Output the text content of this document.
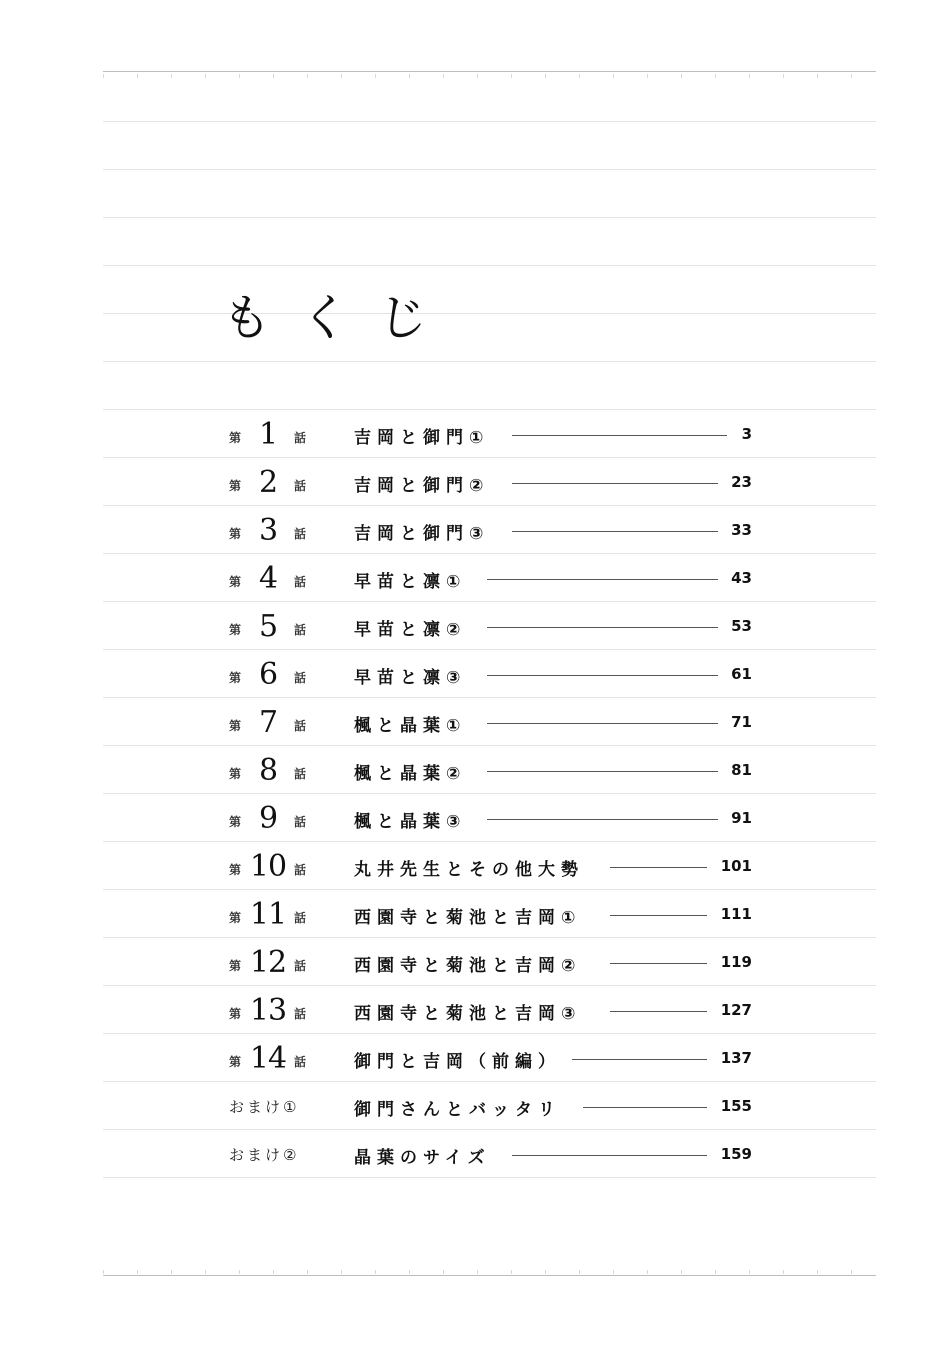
もくじ
第 1	話	吉岡と御門①	3
第 2	話	吉岡と御門②	23
第 3	話	吉岡と御門③	33
第 4	話	早苗と凛①	43
第 5	話	早苗と凛②	53
第 6	話	早苗と凛③	61
第 7	話	楓と晶葉①	71
第 8	話	楓と晶葉②	81
第 9	話	楓と晶葉③	91
第 10 話	丸井先生とその他大勢	101
第 11 話	西園寺と菊池と吉岡①	111
第 12 話	西園寺と菊池と吉岡②	119
第 13 話	西園寺と菊池と吉岡③	127
第 14 話	御門と吉岡（前編）	137
おまけ①	御門さんとバッタリ	155
おまけ②	晶葉のサイズ	159
